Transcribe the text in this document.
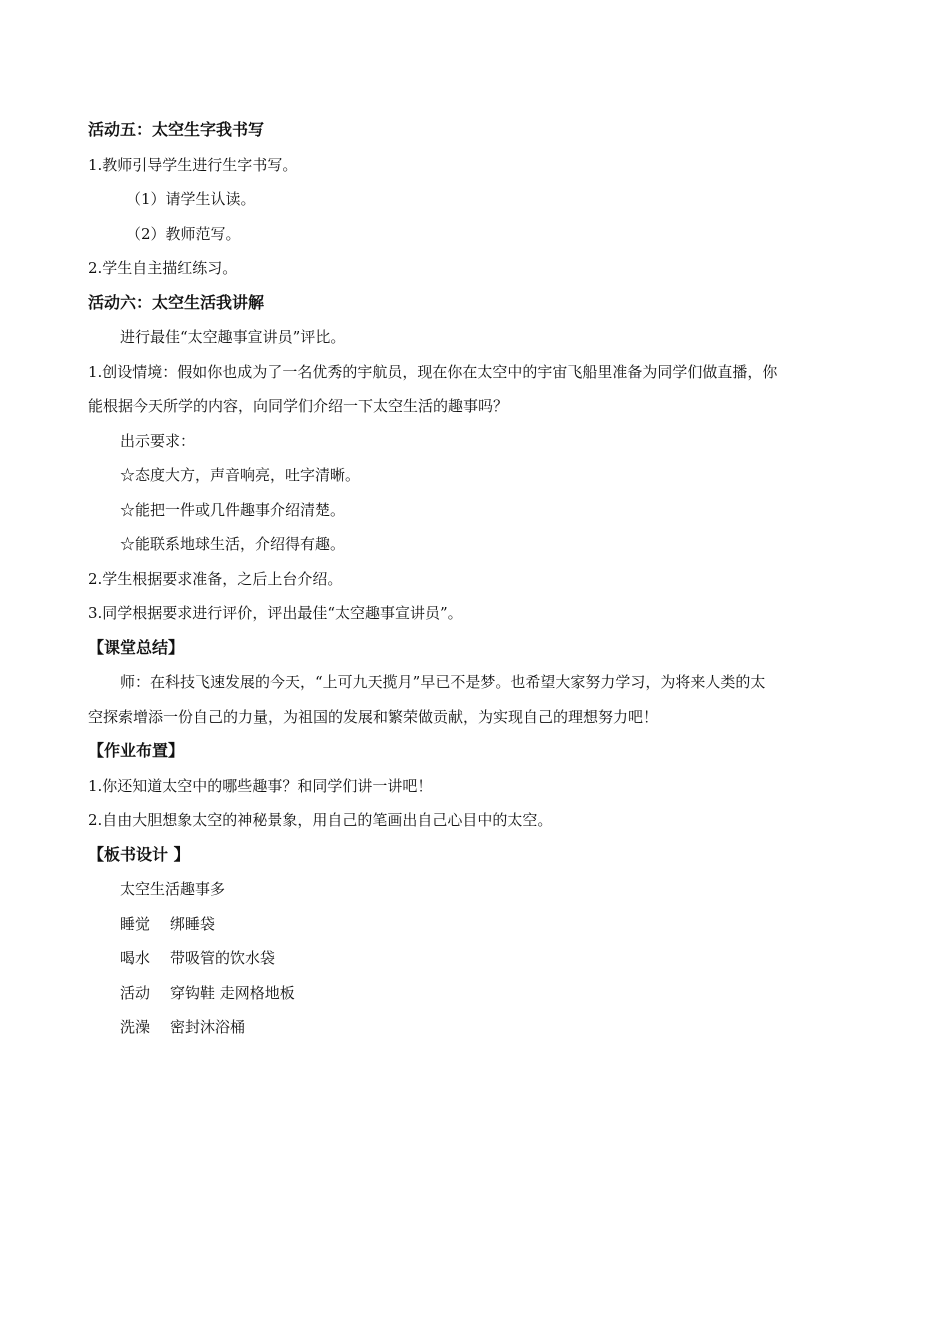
活动五：太空生字我书写
1.教师引导学生进行生字书写。
（1）请学生认读。
（2）教师范写。
2.学生自主描红练习。
活动六：太空生活我讲解
进行最佳“太空趣事宣讲员”评比。
1.创设情境：假如你也成为了一名优秀的宇航员，现在你在太空中的宇宙飞船里准备为同学们做直播，你
能根据今天所学的内容，向同学们介绍一下太空生活的趣事吗？
出示要求：
☆态度大方，声音响亮，吐字清晰。
☆能把一件或几件趣事介绍清楚。
☆能联系地球生活，介绍得有趣。
2.学生根据要求准备，之后上台介绍。
3.同学根据要求进行评价，评出最佳“太空趣事宣讲员”。
【课堂总结】
师：在科技飞速发展的今天，“上可九天揽月”早已不是梦。也希望大家努力学习，为将来人类的太
空探索增添一份自己的力量，为祖国的发展和繁荣做贡献，为实现自己的理想努力吧！
【作业布置】
1.你还知道太空中的哪些趣事？和同学们讲一讲吧！
2.自由大胆想象太空的神秘景象，用自己的笔画出自己心目中的太空。
【板书设计 】
太空生活趣事多
睡觉 绑睡袋
喝水 带吸管的饮水袋
活动 穿钩鞋 走网格地板
洗澡 密封沐浴桶
